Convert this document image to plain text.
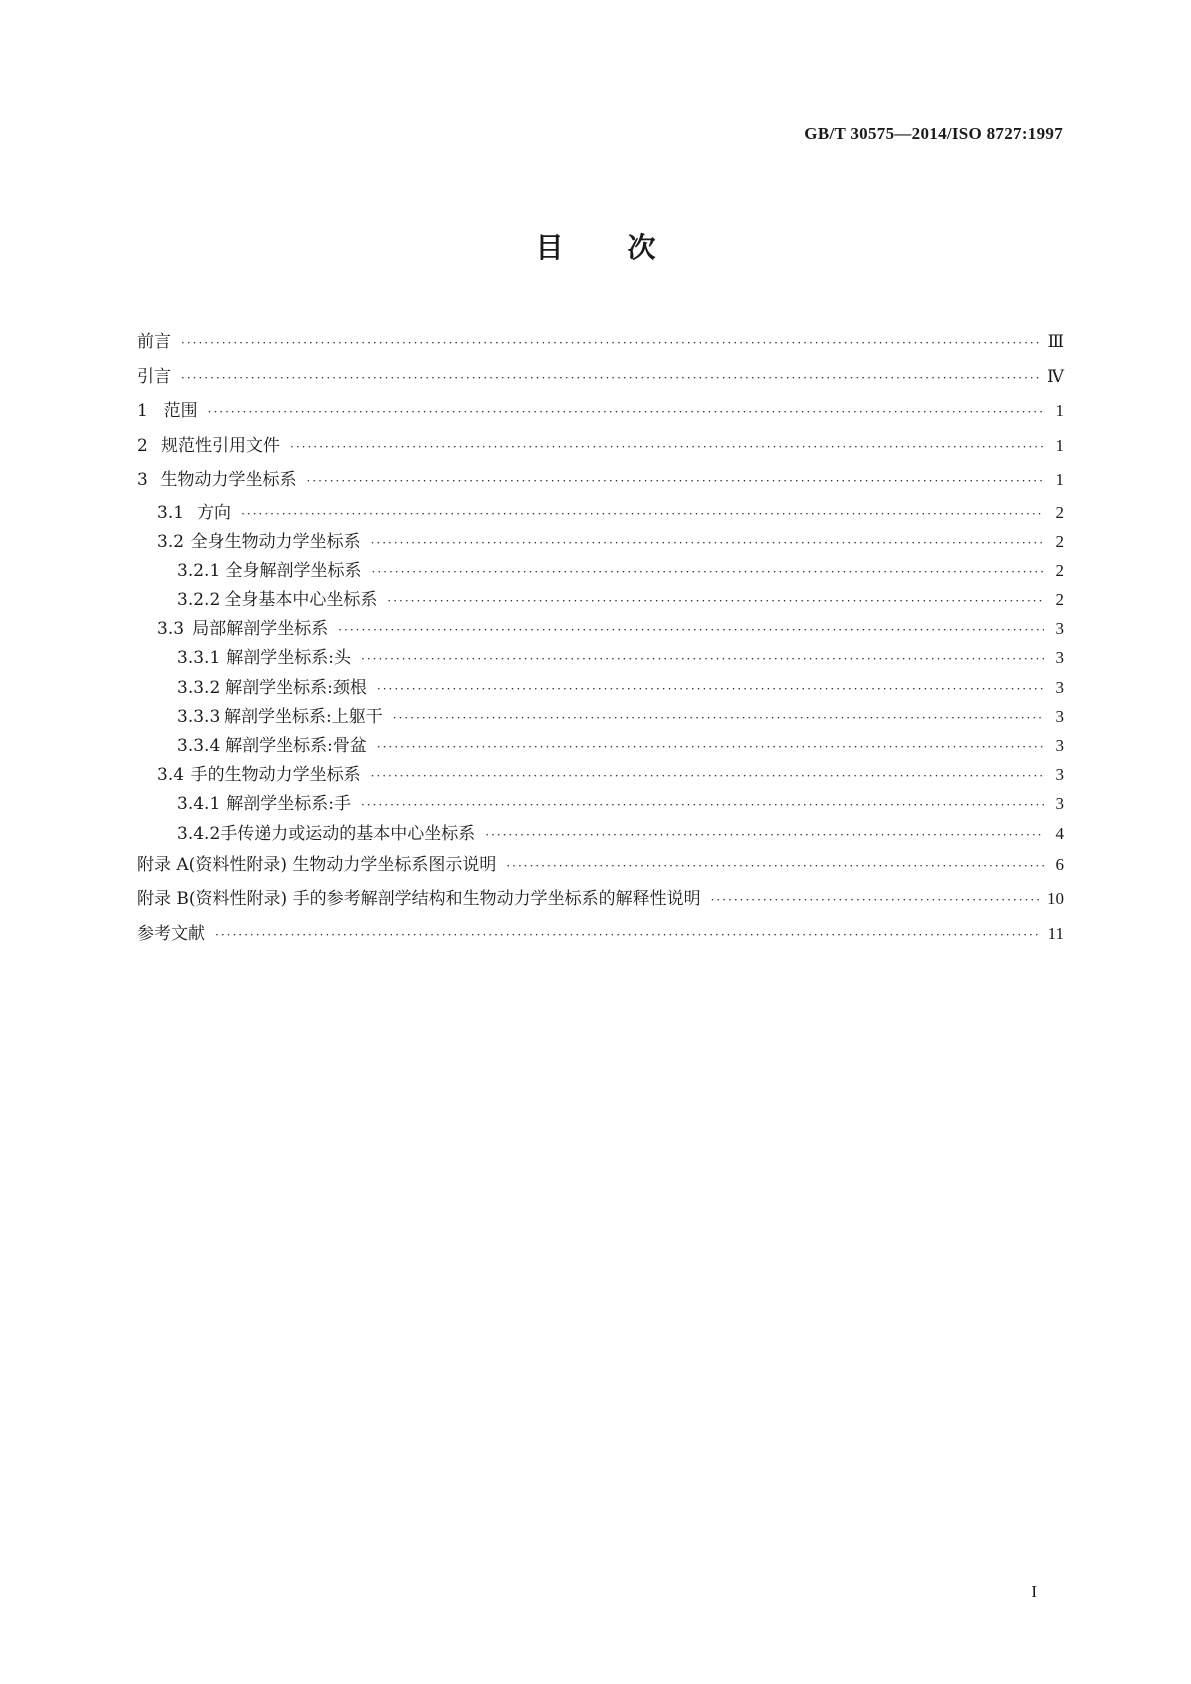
GB/T 30575—2014/ISO 8727:1997
目 次
前言 ·····	Ⅲ
引言 ·····	Ⅳ
1 范围 ·····	1
2 规范性引用文件 ·····	1
3 生物动力学坐标系 ·····	1
3.1 方向 ·····	2
3.2 全身生物动力学坐标系 ·····	2
3.2.1 全身解剖学坐标系 ·····	2
3.2.2 全身基本中心坐标系 ·····	2
3.3 局部解剖学坐标系 ·····	3
3.3.1 解剖学坐标系:头 ·····	3
3.3.2 解剖学坐标系:颈根 ·····	3
3.3.3 解剖学坐标系:上躯干 ·····	3
3.3.4 解剖学坐标系:骨盆 ·····	3
3.4 手的生物动力学坐标系 ·····	3
3.4.1 解剖学坐标系:手 ·····	3
3.4.2 手传递力或运动的基本中心坐标系 ·····	4
附录 A(资料性附录) 生物动力学坐标系图示说明 ·····	6
附录 B(资料性附录) 手的参考解剖学结构和生物动力学坐标系的解释性说明 ·····	10
参考文献 ·····	11
I
